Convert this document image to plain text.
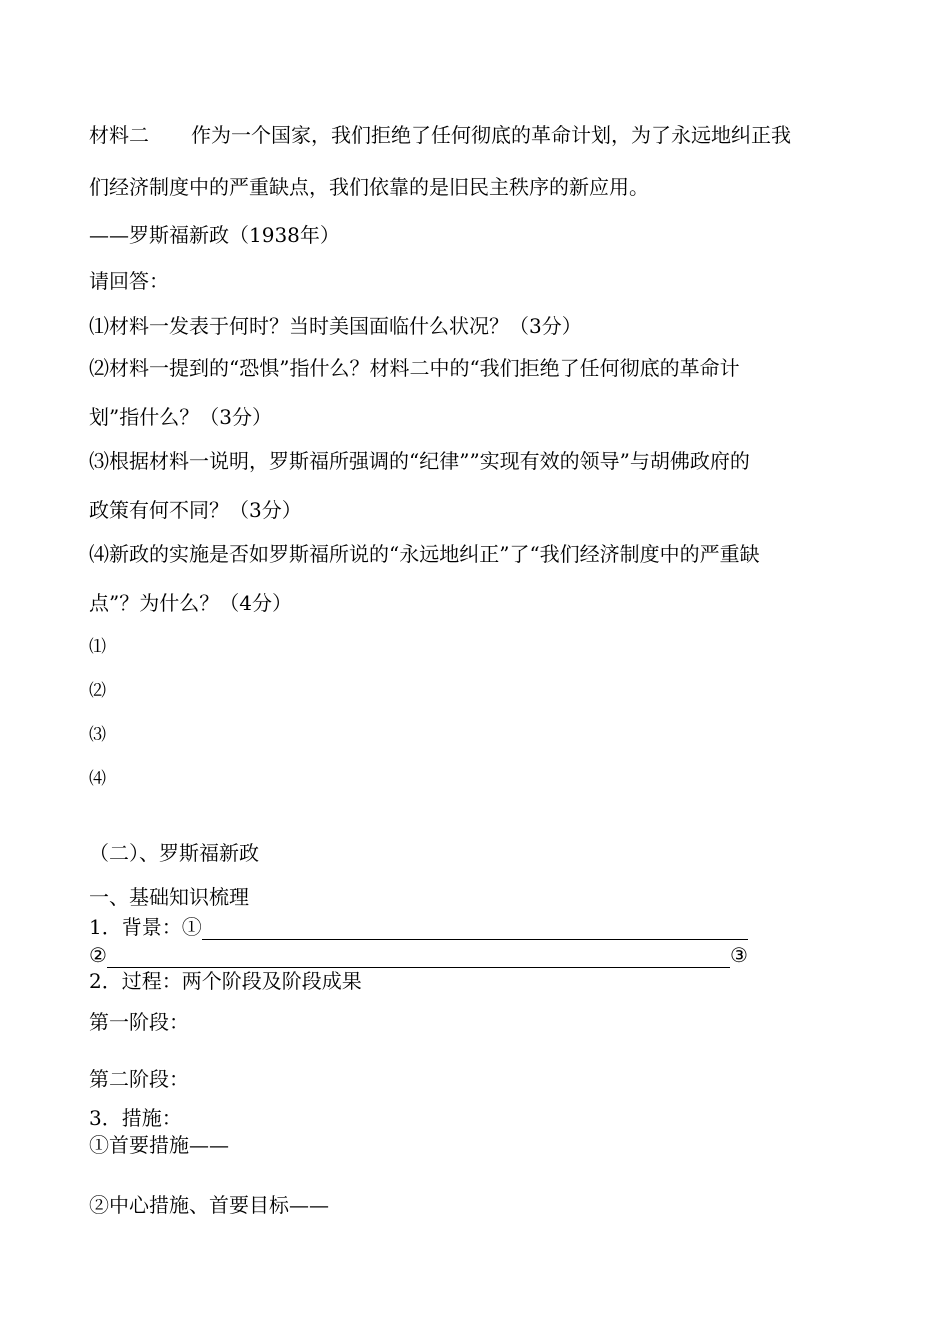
材料二 作为一个国家，我们拒绝了任何彻底的革命计划，为了永远地纠正我
们经济制度中的严重缺点，我们依靠的是旧民主秩序的新应用。
——罗斯福新政（1938年）
请回答：
⑴材料一发表于何时？当时美国面临什么状况？（3分）
⑵材料一提到的“恐惧”指什么？材料二中的“我们拒绝了任何彻底的革命计
划”指什么？（3分）
⑶根据材料一说明，罗斯福所强调的“纪律””实现有效的领导”与胡佛政府的
政策有何不同？（3分）
⑷新政的实施是否如罗斯福所说的“永远地纠正”了“我们经济制度中的严重缺
点”？为什么？（4分）
⑴
⑵
⑶
⑷
（二）、罗斯福新政
一、基础知识梳理
1．背景：①
②	③
2．过程：两个阶段及阶段成果
第一阶段：
第二阶段：
3．措施：
①首要措施——
②中心措施、首要目标——
